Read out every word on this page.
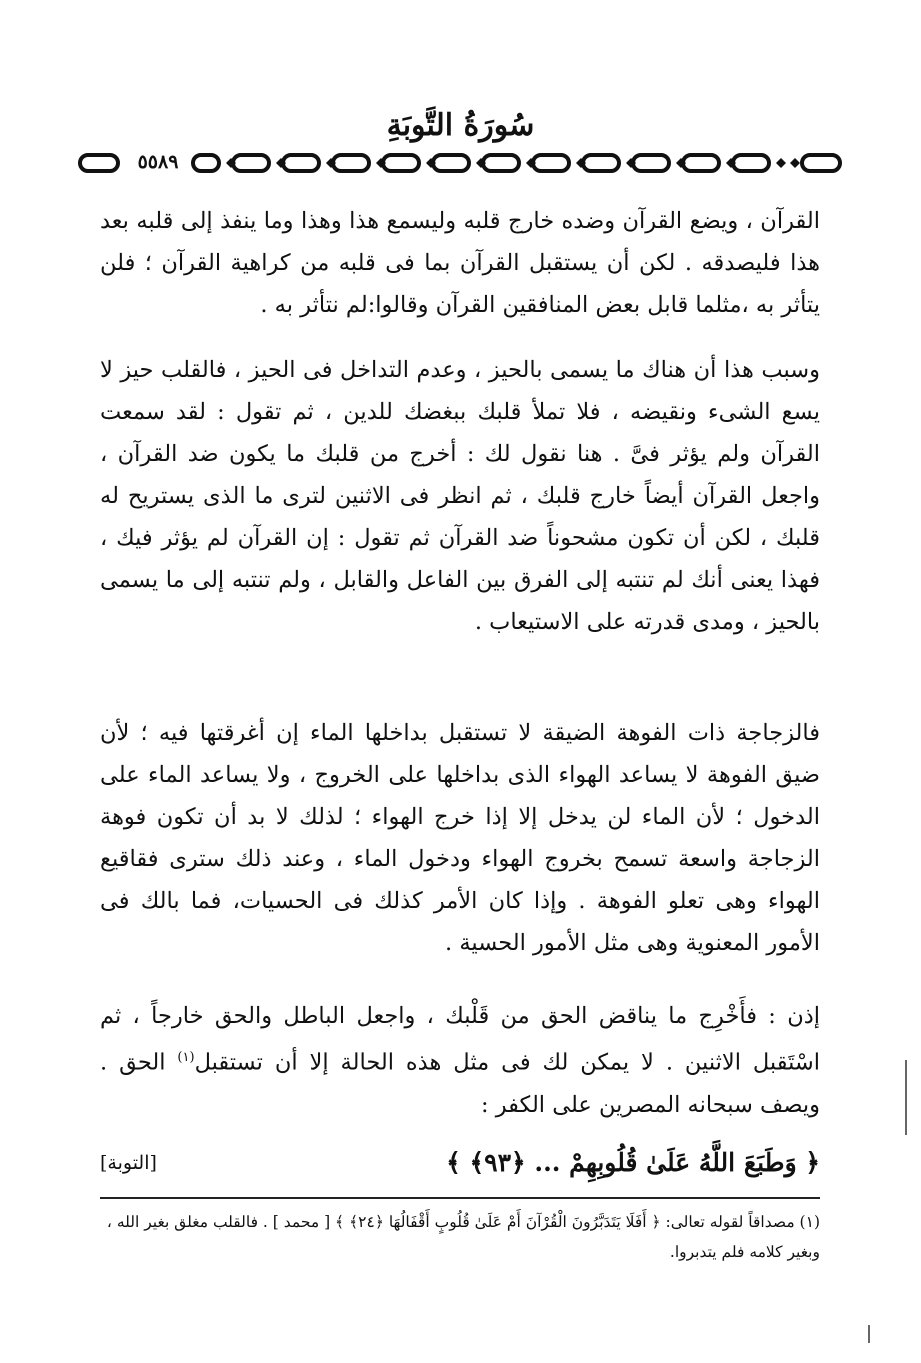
سُورَةُ التَّوبَةِ
٥٥٨٩

القرآن ، ويضع القرآن وضده خارج قلبه وليسمع هذا وهذا وما ينفذ إلى قلبه بعد هذا فليصدقه . لكن أن يستقبل القرآن بما فى قلبه من كراهية القرآن ؛ فلن يتأثر به ،مثلما قابل بعض المنافقين القرآن وقالوا:لم نتأثر به .

وسبب هذا أن هناك ما يسمى بالحيز ، وعدم التداخل فى الحيز ، فالقلب حيز لا يسع الشىء ونقيضه ، فلا تملأ قلبك ببغضك للدين ، ثم تقول : لقد سمعت القرآن ولم يؤثر فىَّ . هنا نقول لك : أخرج من قلبك ما يكون ضد القرآن ، واجعل القرآن أيضاً خارج قلبك ، ثم انظر فى الاثنين لترى ما الذى يستريح له قلبك ، لكن أن تكون مشحوناً ضد القرآن ثم تقول : إن القرآن لم يؤثر فيك ، فهذا يعنى أنك لم تنتبه إلى الفرق بين الفاعل والقابل ، ولم تنتبه إلى ما يسمى بالحيز ، ومدى قدرته على الاستيعاب .

فالزجاجة ذات الفوهة الضيقة لا تستقبل بداخلها الماء إن أغرقتها فيه ؛ لأن ضيق الفوهة لا يساعد الهواء الذى بداخلها على الخروج ، ولا يساعد الماء على الدخول ؛ لأن الماء لن يدخل إلا إذا خرج الهواء ؛ لذلك لا بد أن تكون فوهة الزجاجة واسعة تسمح بخروج الهواء ودخول الماء ، وعند ذلك سترى فقاقيع الهواء وهى تعلو الفوهة . وإذا كان الأمر كذلك فى الحسيات، فما بالك فى الأمور المعنوية وهى مثل الأمور الحسية .

إذن : فأَخْرِج ما يناقض الحق من قَلْبك ، واجعل الباطل والحق خارجاً ، ثم اسْتَقبل الاثنين . لا يمكن لك فى مثل هذه الحالة إلا أن تستقبل$^{(١)}$ الحق . ويصف سبحانه المصرين على الكفر :

﴿ وَطَبَعَ اللَّهُ عَلَىٰ قُلُوبِهِمْ ... ﴿٩٣﴾ ﴾
[التوبة]

(١) مصداقاً لقوله تعالى: ﴿ أَفَلَا يَتَدَبَّرُونَ الْقُرْآنَ أَمْ عَلَىٰ قُلُوبٍ أَقْفَالُهَا ﴿٢٤﴾ ﴾ [ محمد ] . فالقلب مغلق بغير الله ، وبغير كلامه فلم يتدبروا.
